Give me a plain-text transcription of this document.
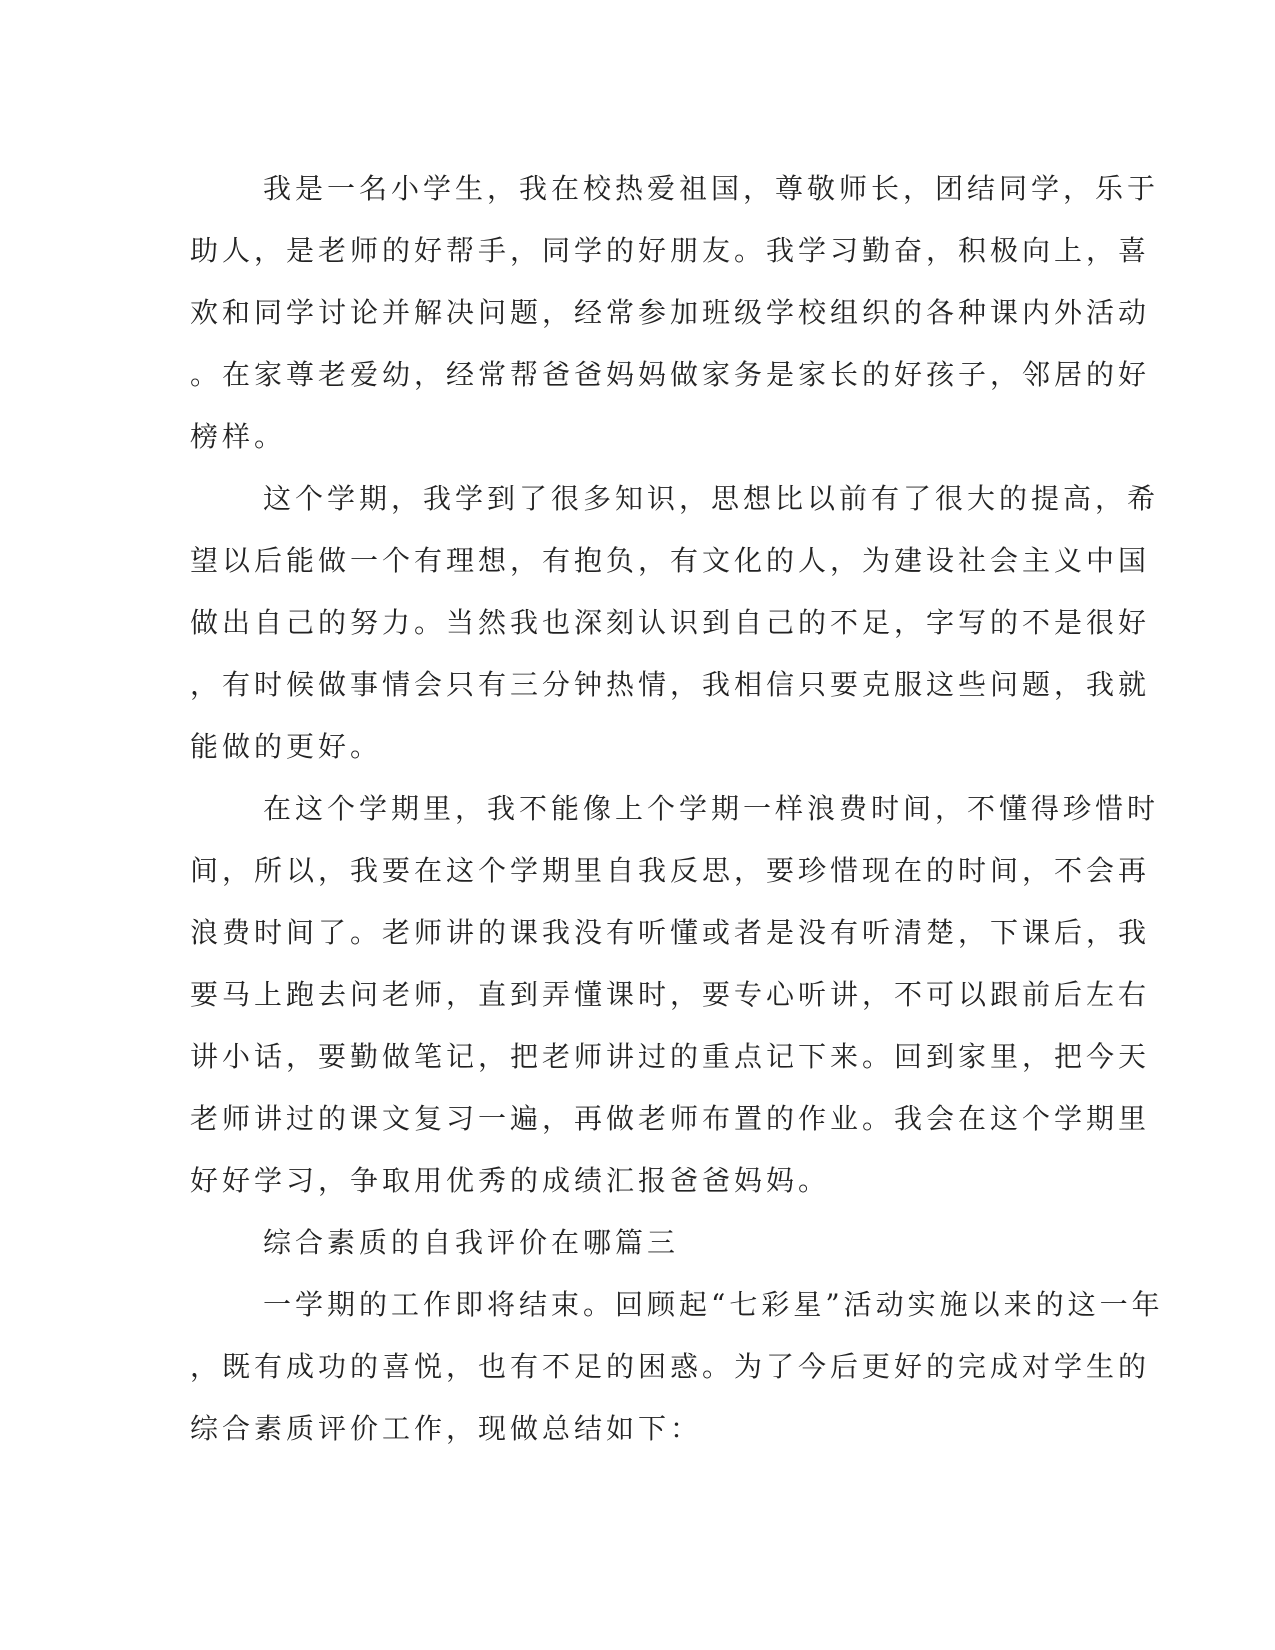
我是一名小学生，我在校热爱祖国，尊敬师长，团结同学，乐于
助人，是老师的好帮手，同学的好朋友。我学习勤奋，积极向上，喜
欢和同学讨论并解决问题，经常参加班级学校组织的各种课内外活动
。在家尊老爱幼，经常帮爸爸妈妈做家务是家长的好孩子，邻居的好
榜样。
这个学期，我学到了很多知识，思想比以前有了很大的提高，希
望以后能做一个有理想，有抱负，有文化的人，为建设社会主义中国
做出自己的努力。当然我也深刻认识到自己的不足，字写的不是很好
，有时候做事情会只有三分钟热情，我相信只要克服这些问题，我就
能做的更好。
在这个学期里，我不能像上个学期一样浪费时间，不懂得珍惜时
间，所以，我要在这个学期里自我反思，要珍惜现在的时间，不会再
浪费时间了。老师讲的课我没有听懂或者是没有听清楚，下课后，我
要马上跑去问老师，直到弄懂课时，要专心听讲，不可以跟前后左右
讲小话，要勤做笔记，把老师讲过的重点记下来。回到家里，把今天
老师讲过的课文复习一遍，再做老师布置的作业。我会在这个学期里
好好学习，争取用优秀的成绩汇报爸爸妈妈。
综合素质的自我评价在哪篇三
一学期的工作即将结束。回顾起“七彩星”活动实施以来的这一年
，既有成功的喜悦，也有不足的困惑。为了今后更好的完成对学生的
综合素质评价工作，现做总结如下：
